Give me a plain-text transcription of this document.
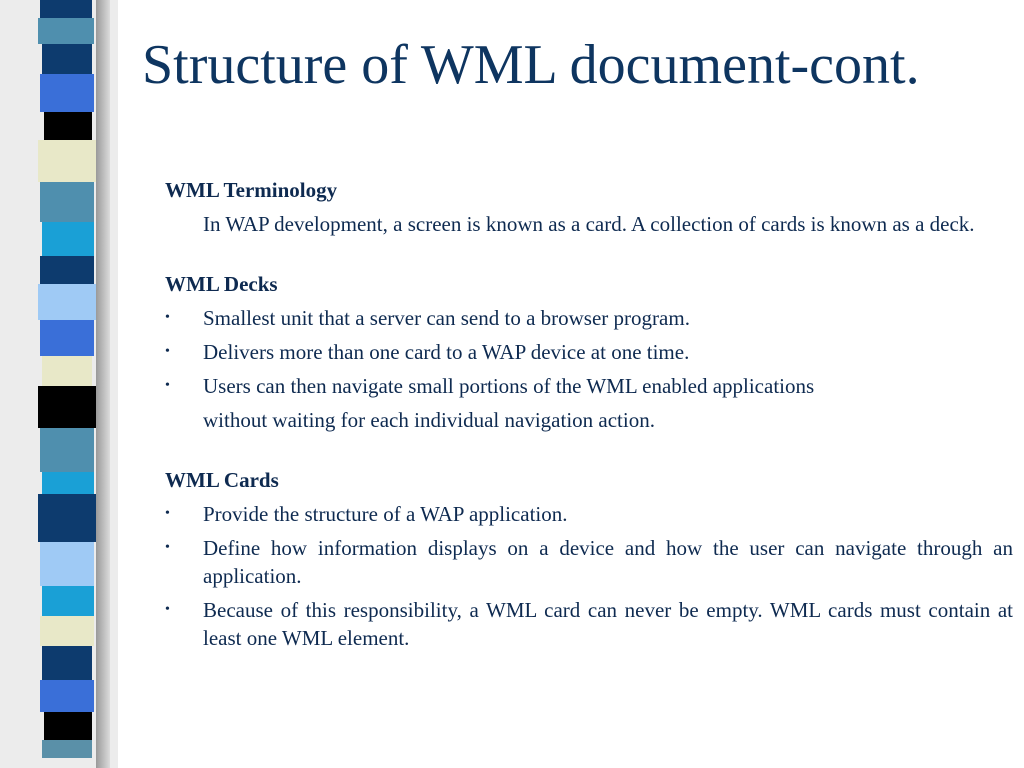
Structure of WML document-cont.
WML Terminology
In WAP development, a screen is known as a card. A collection of cards is known as a deck.
WML Decks
• Smallest unit that a server can send to a browser program.
• Delivers more than one card to a WAP device at one time.
• Users can then navigate small portions of the WML enabled applications
without waiting for each individual navigation action.
WML Cards
• Provide the structure of a WAP application.
• Define how information displays on a device and how the user can navigate through an application.
• Because of this responsibility, a WML card can never be empty. WML cards must contain at least one WML element.
